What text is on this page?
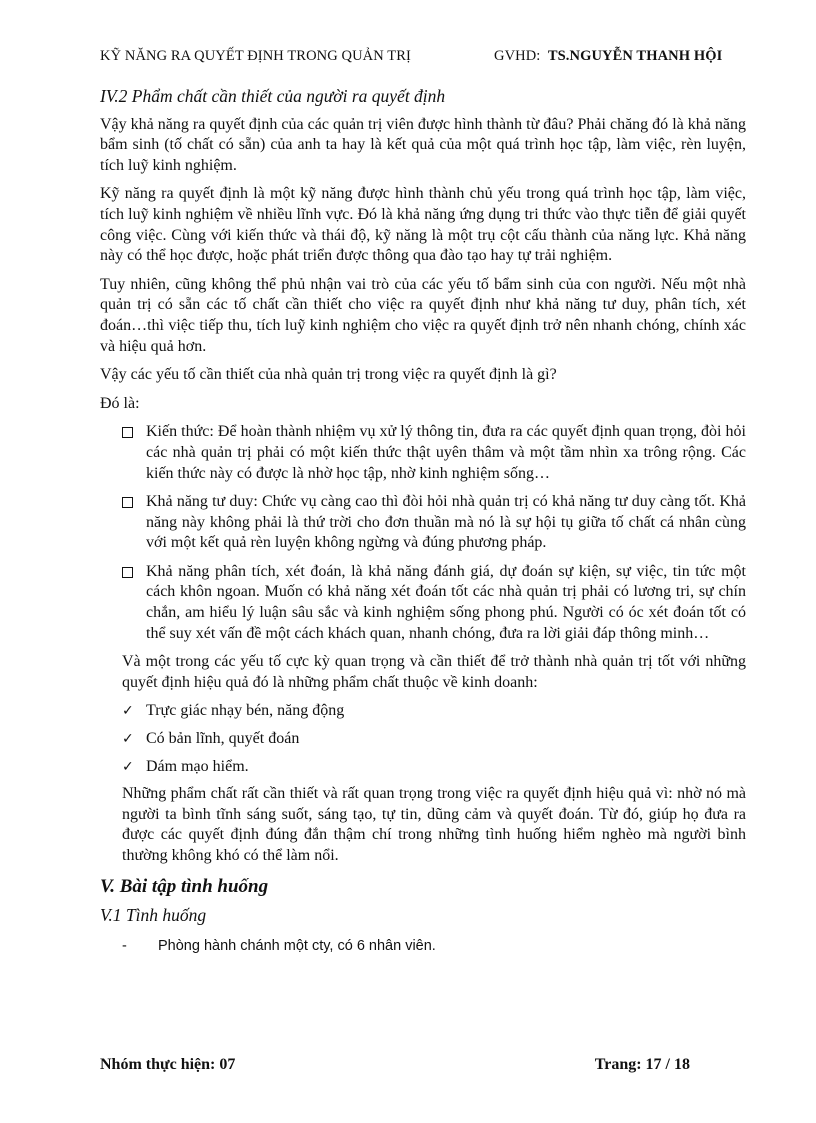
KỸ NĂNG RA QUYẾT ĐỊNH TRONG QUẢN TRỊ	GVHD: TS.NGUYỄN THANH HỘI
IV.2 Phẩm chất cần thiết của người ra quyết định

Vậy khả năng ra quyết định của các quản trị viên được hình thành từ đâu? Phải chăng đó là khả năng bẩm sinh (tố chất có sẵn) của anh ta hay là kết quả của một quá trình học tập, làm việc, rèn luyện, tích luỹ kinh nghiệm.

Kỹ năng ra quyết định là một kỹ năng được hình thành chủ yếu trong quá trình học tập, làm việc, tích luỹ kinh nghiệm về nhiều lĩnh vực. Đó là khả năng ứng dụng tri thức vào thực tiễn để giải quyết công việc. Cùng với kiến thức và thái độ, kỹ năng là một trụ cột cấu thành của năng lực. Khả năng này có thể học được, hoặc phát triển được thông qua đào tạo hay tự trải nghiệm.

Tuy nhiên, cũng không thể phủ nhận vai trò của các yếu tố bẩm sinh của con người. Nếu một nhà quản trị có sẵn các tố chất cần thiết cho việc ra quyết định như khả năng tư duy, phân tích, xét đoán…thì việc tiếp thu, tích luỹ kinh nghiệm cho việc ra quyết định trở nên nhanh chóng, chính xác và hiệu quả hơn.

Vậy các yếu tố cần thiết của nhà quản trị trong việc ra quyết định là gì?

Đó là:

Kiến thức: Để hoàn thành nhiệm vụ xử lý thông tin, đưa ra các quyết định quan trọng, đòi hỏi các nhà quản trị phải có một kiến thức thật uyên thâm và một tầm nhìn xa trông rộng. Các kiến thức này có được là nhờ học tập, nhờ kinh nghiệm sống…
Khả năng tư duy: Chức vụ càng cao thì đòi hỏi nhà quản trị có khả năng tư duy càng tốt. Khả năng này không phải là thứ trời cho đơn thuần mà nó là sự hội tụ giữa tố chất cá nhân cùng với một kết quả rèn luyện không ngừng và đúng phương pháp.
Khả năng phân tích, xét đoán, là khả năng đánh giá, dự đoán sự kiện, sự việc, tin tức một cách khôn ngoan. Muốn có khả năng xét đoán tốt các nhà quản trị phải có lương tri, sự chín chắn, am hiểu lý luận sâu sắc và kinh nghiệm sống phong phú. Người có óc xét đoán tốt có thể suy xét vấn đề một cách khách quan, nhanh chóng, đưa ra lời giải đáp thông minh…

Và một trong các yếu tố cực kỳ quan trọng và cần thiết để trở thành nhà quản trị tốt với những quyết định hiệu quả đó là những phẩm chất thuộc về kinh doanh:

✓ Trực giác nhạy bén, năng động
✓ Có bản lĩnh, quyết đoán
✓ Dám mạo hiểm.

Những phẩm chất rất cần thiết và rất quan trọng trong việc ra quyết định hiệu quả vì: nhờ nó mà người ta bình tĩnh sáng suốt, sáng tạo, tự tin, dũng cảm và quyết đoán. Từ đó, giúp họ đưa ra được các quyết định đúng đắn thậm chí trong những tình huống hiểm nghèo mà người bình thường không khó có thể làm nổi.

V. Bài tập tình huống
V.1 Tình huống
-	Phòng hành chánh một cty, có 6 nhân viên.
Nhóm thực hiện: 07	Trang: 17 / 18
